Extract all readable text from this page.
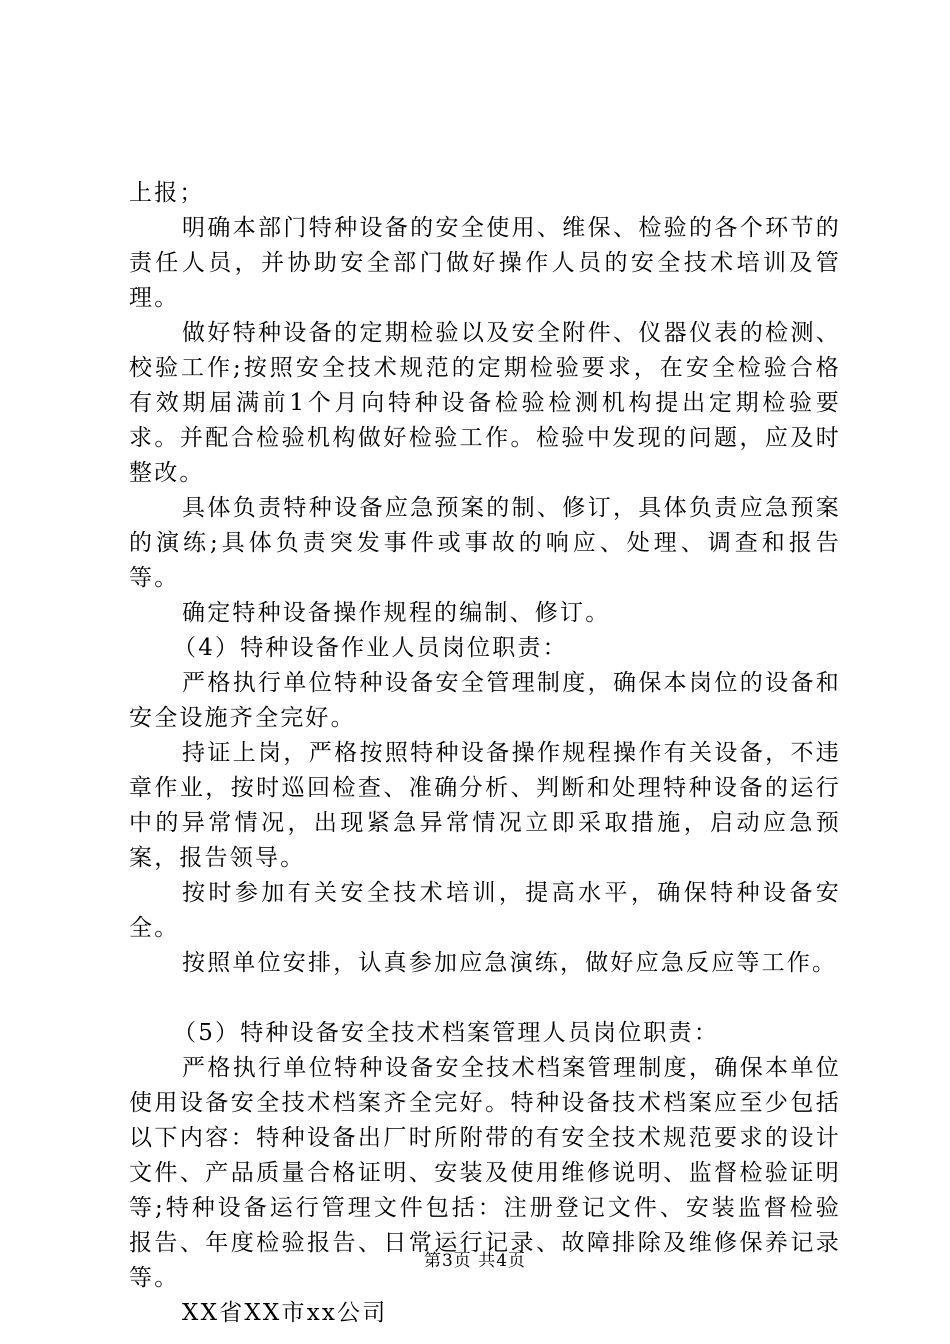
上报；

明确本部门特种设备的安全使用、维保、检验的各个环节的责任人员，并协助安全部门做好操作人员的安全技术培训及管理。

做好特种设备的定期检验以及安全附件、仪器仪表的检测、校验工作;按照安全技术规范的定期检验要求，在安全检验合格有效期届满前1个月向特种设备检验检测机构提出定期检验要求。并配合检验机构做好检验工作。检验中发现的问题，应及时整改。

具体负责特种设备应急预案的制、修订，具体负责应急预案的演练;具体负责突发事件或事故的响应、处理、调查和报告等。

确定特种设备操作规程的编制、修订。

（4）特种设备作业人员岗位职责：

严格执行单位特种设备安全管理制度，确保本岗位的设备和安全设施齐全完好。

持证上岗，严格按照特种设备操作规程操作有关设备，不违章作业，按时巡回检查、准确分析、判断和处理特种设备的运行中的异常情况，出现紧急异常情况立即采取措施，启动应急预案，报告领导。

按时参加有关安全技术培训，提高水平，确保特种设备安全。

按照单位安排，认真参加应急演练，做好应急反应等工作。

（5）特种设备安全技术档案管理人员岗位职责：

严格执行单位特种设备安全技术档案管理制度，确保本单位使用设备安全技术档案齐全完好。特种设备技术档案应至少包括以下内容：特种设备出厂时所附带的有安全技术规范要求的设计文件、产品质量合格证明、安装及使用维修说明、监督检验证明等;特种设备运行管理文件包括：注册登记文件、安装监督检验报告、年度检验报告、日常运行记录、故障排除及维修保养记录等。

XX省XX市xx公司

第3页 共4页
